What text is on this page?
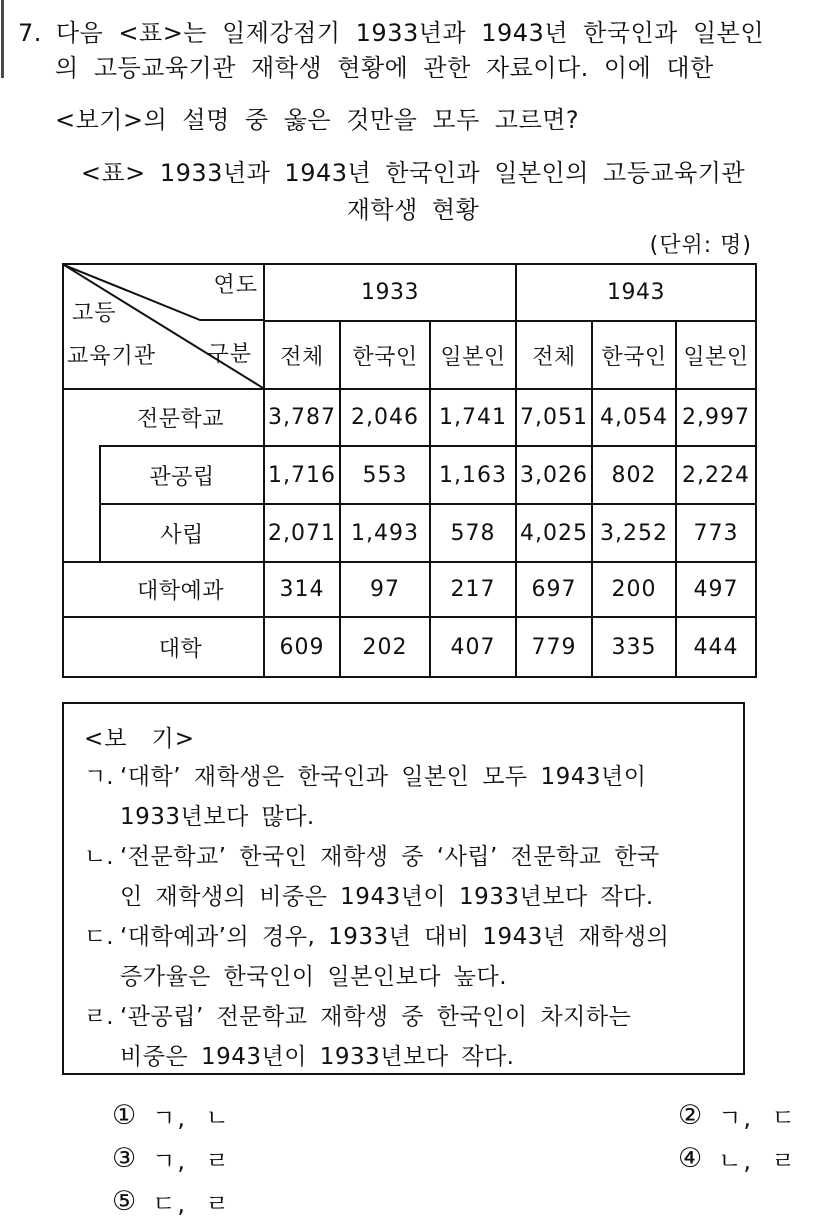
7. 다음 <표>는 일제강점기 1933년과 1943년 한국인과 일본인
의 고등교육기관 재학생 현황에 관한 자료이다. 이에 대한
<보기>의 설명 중 옳은 것만을 모두 고르면?
<표> 1933년과 1943년 한국인과 일본인의 고등교육기관
재학생 현황
(단위: 명)
연도
고등
교육기관 구분
1933	1943
전체	한국인	일본인	전체	한국인 일본인
전문학교	3,787 2,046 1,741 7,051 4,054 2,997
관공립	1,716	553	1,163 3,026	802	2,224
사립	2,071 1,493	578	4,025 3,252	773
대학예과	314	97	217	697	200	497
대학	609	202	407	779	335	444
<보　기>
ㄱ. ‘대학’ 재학생은 한국인과 일본인 모두 1943년이
1933년보다 많다.
ㄴ. ‘전문학교’ 한국인 재학생 중 ‘사립’ 전문학교 한국
인 재학생의 비중은 1943년이 1933년보다 작다.
ㄷ. ‘대학예과’의 경우, 1933년 대비 1943년 재학생의
증가율은 한국인이 일본인보다 높다.
ㄹ. ‘관공립’ 전문학교 재학생 중 한국인이 차지하는
비중은 1943년이 1933년보다 작다.
① ㄱ, ㄴ	② ㄱ, ㄷ
③ ㄱ, ㄹ	④ ㄴ, ㄹ
⑤ ㄷ, ㄹ
